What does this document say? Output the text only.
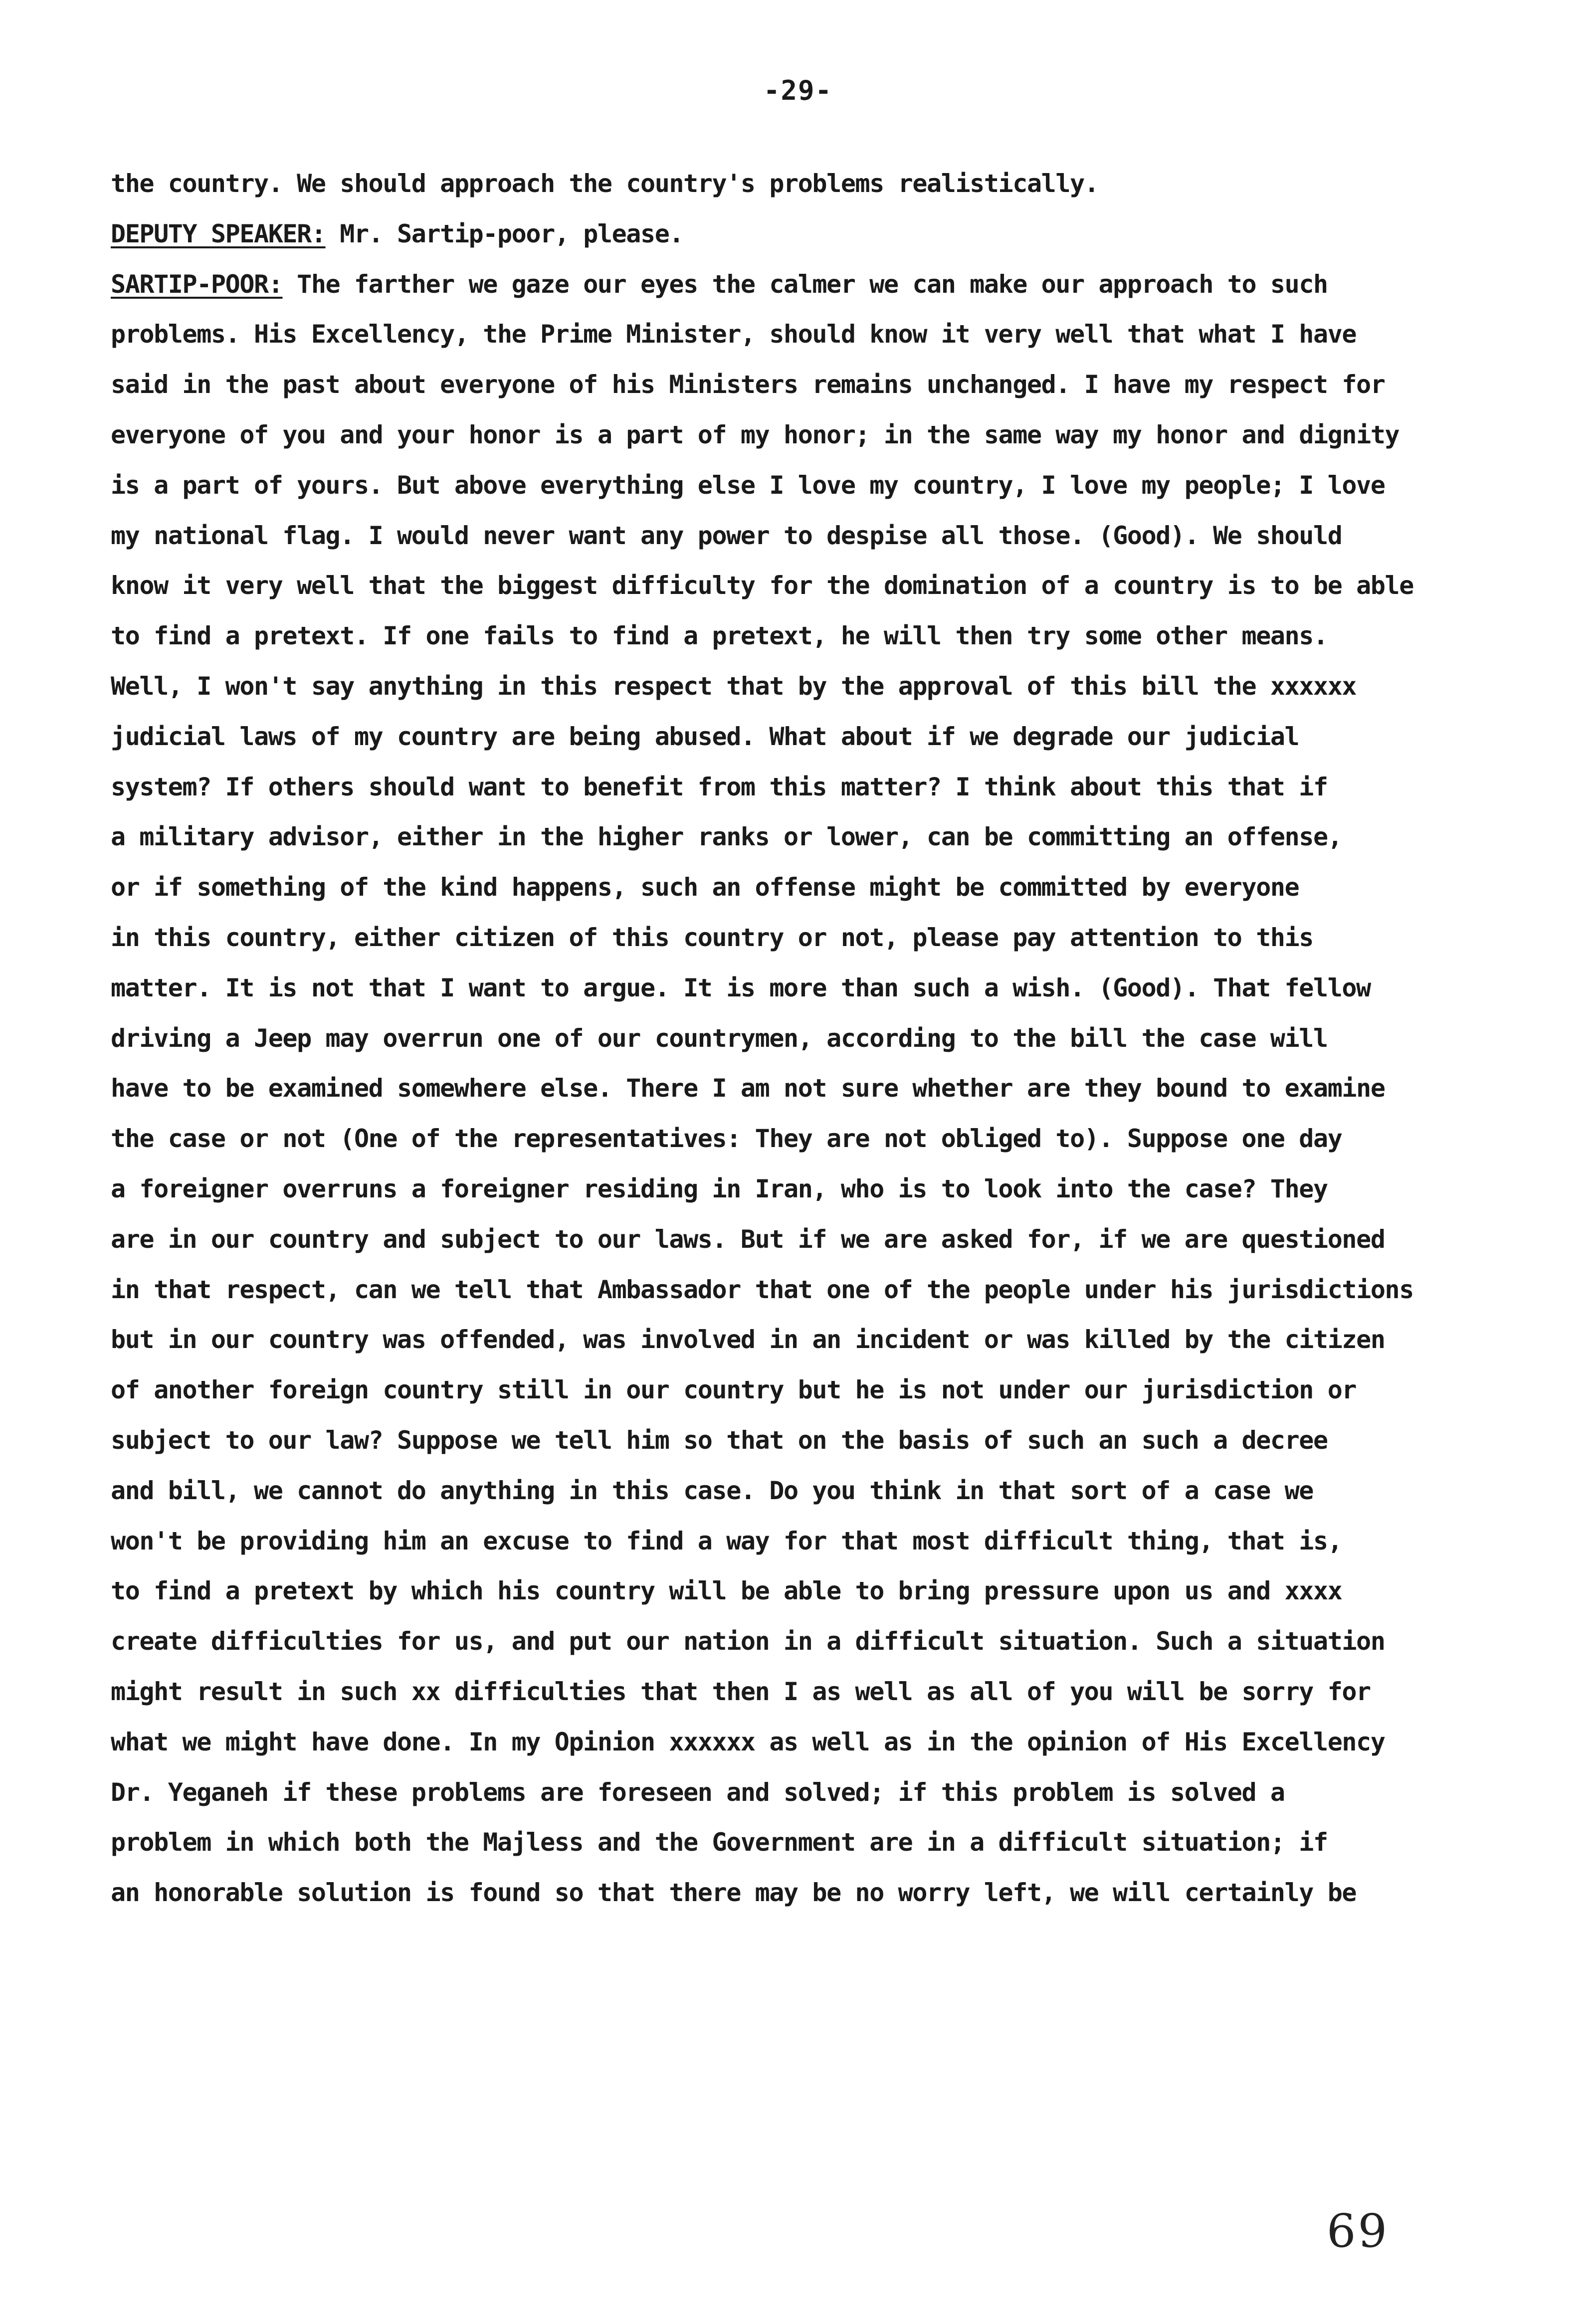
-29-
the country. We should approach the country's problems realistically.
DEPUTY SPEAKER: Mr. Sartip-poor, please.
SARTIP-POOR: The farther we gaze our eyes the calmer we can make our approach to such
problems. His Excellency, the Prime Minister, should know it very well that what I have
said in the past about everyone of his Ministers remains unchanged. I have my respect for
everyone of you and your honor is a part of my honor; in the same way my honor and dignity
is a part of yours. But above everything else I love my country, I love my people; I love
my national flag. I would never want any power to despise all those. (Good). We should
know it very well that the biggest difficulty for the domination of a country is to be able
to find a pretext. If one fails to find a pretext, he will then try some other means.
Well, I won't say anything in this respect that by the approval of this bill the xxxxxx
judicial laws of my country are being abused. What about if we degrade our judicial
system? If others should want to benefit from this matter? I think about this that if
a military advisor, either in the higher ranks or lower, can be committing an offense,
or if something of the kind happens, such an offense might be committed by everyone
in this country, either citizen of this country or not, please pay attention to this
matter. It is not that I want to argue. It is more than such a wish. (Good). That fellow
driving a Jeep may overrun one of our countrymen, according to the bill the case will
have to be examined somewhere else. There I am not sure whether are they bound to examine
the case or not (One of the representatives: They are not obliged to). Suppose one day
a foreigner overruns a foreigner residing in Iran, who is to look into the case? They
are in our country and subject to our laws. But if we are asked for, if we are questioned
in that respect, can we tell that Ambassador that one of the people under his jurisdictions
but in our country was offended, was involved in an incident or was killed by the citizen
of another foreign country still in our country but he is not under our jurisdiction or
subject to our law? Suppose we tell him so that on the basis of such an such a decree
and bill, we cannot do anything in this case. Do you think in that sort of a case we
won't be providing him an excuse to find a way for that most difficult thing, that is,
to find a pretext by which his country will be able to bring pressure upon us and xxxx
create difficulties for us, and put our nation in a difficult situation. Such a situation
might result in such xx difficulties that then I as well as all of you will be sorry for
what we might have done. In my Opinion xxxxxx as well as in the opinion of His Excellency
Dr. Yeganeh if these problems are foreseen and solved; if this problem is solved a
problem in which both the Majless and the Government are in a difficult situation; if
an honorable solution is found so that there may be no worry left, we will certainly be
69
